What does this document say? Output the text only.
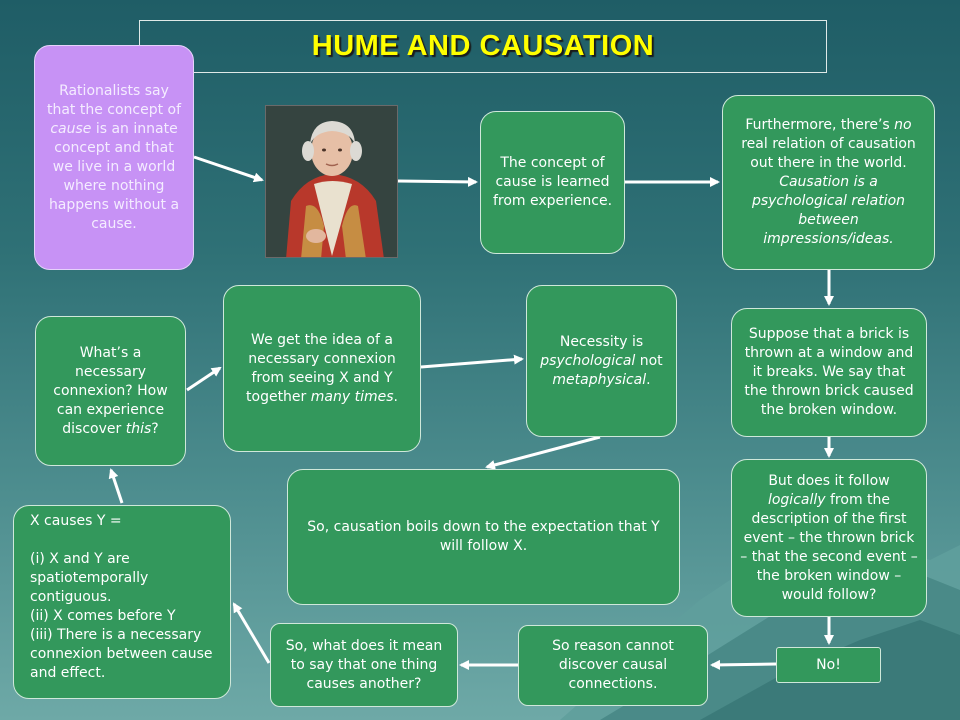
HUME AND CAUSATION

Rationalists say that the concept of cause is an innate concept and that we live in a world where nothing happens without a cause.

The concept of cause is learned from experience.

Furthermore, there’s no real relation of causation out there in the world. Causation is a psychological relation between impressions/ideas.

What’s a necessary connexion? How can experience discover this?

We get the idea of a necessary connexion from seeing X and Y together many times.

Necessity is psychological not metaphysical.

Suppose that a brick is thrown at a window and it breaks. We say that the thrown brick caused the broken window.

So, causation boils down to the expectation that Y will follow X.

But does it follow logically from the description of the first event – the thrown brick – that the second event – the broken window – would follow?

X causes Y =

(i) X and Y are spatiotemporally contiguous.

(ii) X comes before Y

(iii) There is a necessary connexion between cause and effect.

So, what does it mean to say that one thing causes another?

So reason cannot discover causal connections.

No!
